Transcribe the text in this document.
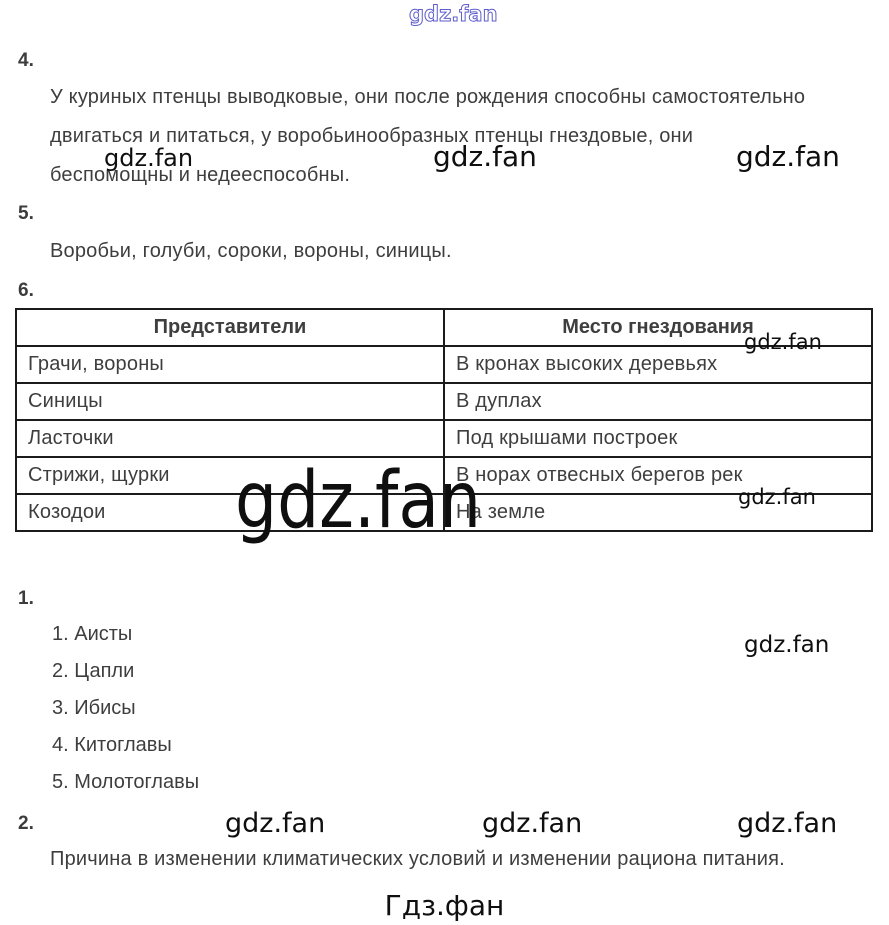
gdz.fan
4.
У куриных птенцы выводковые, они после рождения способны самостоятельно
двигаться и питаться, у воробьинообразных птенцы гнездовые, они
беспомощны и недееспособны.
gdz.fan	gdz.fan	gdz.fan
5.
Воробьи, голуби, сороки, вороны, синицы.
6.
Представители	Место гнездования
Грачи, вороны	В кронах высоких деревьях
Синицы	В дуплах
Ласточки	Под крышами построек
Стрижи, щурки	В норах отвесных берегов рек
Козодои	На земле
gdz.fan
gdz.fan	gdz.fan
1.
1. Аисты
2. Цапли
3. Ибисы
4. Китоглавы
5. Молотоглавы
gdz.fan
2.	gdz.fan	gdz.fan	gdz.fan
Причина в изменении климатических условий и изменении рациона питания.
Гдз.фан
